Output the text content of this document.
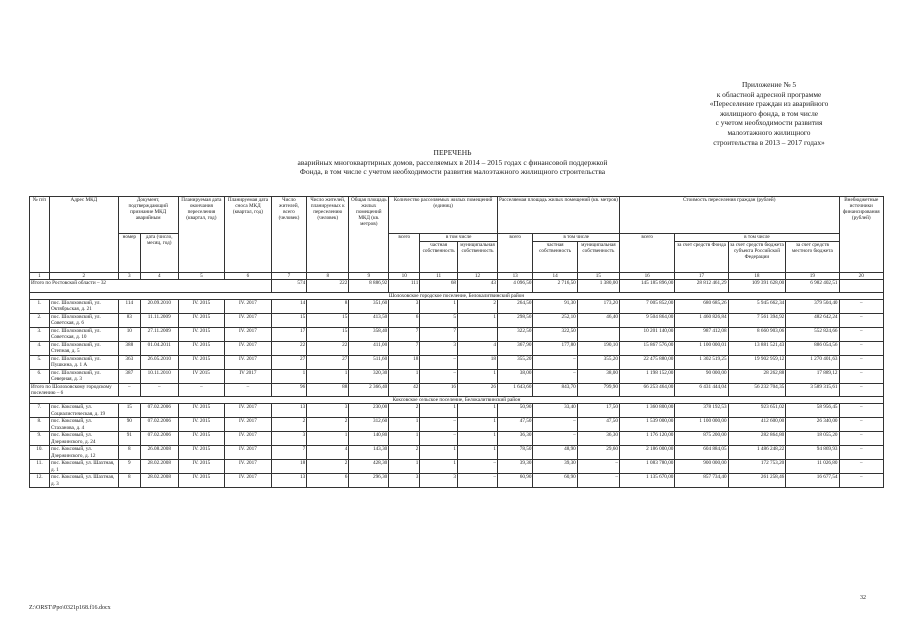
Приложение № 5
к областной адресной программе
«Переселение граждан из аварийного
жилищного фонда, в том числе
с учетом необходимости развития
малоэтажного жилищного
строительства в 2013 – 2017 годах»
ПЕРЕЧЕНЬ
аварийных многоквартирных домов, расселяемых в 2014 – 2015 годах с финансовой поддержкой
Фонда, в том числе с учетом необходимости развития малоэтажного жилищного строительства
№ п/п	Адрес МКД	Документ, подтверждающий признание МКД аварийным		Планируемая дата окончания переселения (квартал, год)	Планируемая дата сноса МКД (квартал, год)	Число жителей, всего (человек)	Число жителей, планируемых к переселению (человек)	Общая площадь жилых помещений МКД (кв. метров)	Количество расселяемых жилых помещений (единиц)			Расселяемая площадь жилых помещений (кв. метров)			Стоимость переселения граждан (рублей)				Внебюджетные источники финансирования (рублей)
		номер	дата (число, месяц, год)						всего	в том числе		всего	в том числе		всего	в том числе			
										частная собственность	муниципальная собственность		частная собственность	муниципальная собственность		за счет средств Фонда	за счет средств бюджета субъекта Российской Федерации	за счет средств местного бюджета	
1	2	3	4	5	6	7	8	9	10	11	12	13	14	15	16	17	18	19	20
Итого по Ростовской области – 32						574	222	8 886,92	111	68	43	4 096,50	2 716,50	1 380,00	145 185 896,00	28 812 461,29	109 391 628,00	6 982 402,51	
Шолоховское городское поселение, Белокалитвинский район																			
1.	пос. Шолоховский, ул. Октябрьская, д. 21	114	20.09.2010	IV. 2015	IV. 2017	14	8	351,60	3	1	2	264,50	91,30	173,20	7 005 852,00	680 685,26	5 945 662,34	379 504,40	–
2.	пос. Шолоховский, ул. Советская, д. 6	83	11.11.2009	IV. 2015	IV. 2017	15	15	413,50	6	5	1	298,50	252,10	46,40	9 504 864,00	1 460 826,84	7 561 394,92	482 642,24	–
3.	пос. Шолоховский, ул. Советская, д. 10	10	27.11.2009	IV. 2015	IV. 2017	17	15	358,40	7	7		322,50	322,50		10 201 140,00	987 412,08	8 660 903,06	552 824,66	–
4.	пос. Шолоховский, ул. Степная, д. 5	388	01.04.2011	IV. 2015	IV. 2017	22	22	411,00	7	3	4	367,90	177,80	190,10	15 867 576,00	1 100 000,01	13 881 521,43	886 054,56	–
5.	пос. Шолоховский, ул. Пушкина, д. 1 А	363	26.05.2010	IV. 2015	IV. 2017	27	27	511,60	18	–	18	355,20	–	355,20	22 475 880,00	1 302 519,25	19 902 959,12	1 270 401,63	–
6.	пос. Шолоховский, ул. Северная, д. 3	387	10.11.2010	IV 2015	IV 2017	1	1	320,30	1	–	1	38,00	–	38,00	1 198 152,00	90 000,00	28 262,88	17 889,12	–
Итого по Шолоховскому городскому поселению – 6		–	–	–	–	96	88	2 366,40	42	16	26	1 643,60	843,70	799,90	66 253 464,00	6 431 444,04	56 232 704,35	3 589 315,61	–
Коксовское сельское поселение, Белокалитвинский район																			
7.	пос. Коксовый, ул. Социалистическая, д. 19	15	07.02.2006	IV. 2015	IV. 2017	13	3	230,00	2	1	1	50,90	33,40	17,50	1 360 800,00	378 192,53	923 651,02	58 956,45	–
8.	пос. Коксовый, ул. Стаханова, д. 4	90	07.02.2006	IV. 2015	IV. 2017	2	2	312,60	1	–	1	47,50	–	47,50	1 539 000,00	1 100 000,00	412 600,00	26 340,00	–
9.	пос. Коксовый, ул. Дзержинского, д. 24	91	07.02.2006	IV. 2015	IV. 2017	3	1	140,80	1	–	1	36,30	–	36,30	1 176 120,00	875 200,00	282 864,80	18 055,20	–
10.	пос. Коксовый, ул. Дзержинского, д. 12	8	26.08.2008	IV. 2015	IV. 2017	7	4	143,30	2	1	1	78,50	48,90	29,60	2 186 000,00	604 884,05	1 486 248,22	94 869,93	–
11.	пос. Коксовый, ул. Шахтная, д. 1	9	28.02.2008	IV. 2015	IV. 2017	18	2	428,30	1	1	–	39,30	39,30	–	1 083 780,00	900 000,00	172 753,20	11 026,80	–
12.	пос. Коксовый, ул. Шахтная, д. 3	8	28.02.2008	IV. 2015	IV. 2017	13	6	296,30	3	3	–	60,90	60,90	–	1 135 670,00	857 734,40	261 258,46	16 677,54	–
Z:\ORST\Ppo\0321p168.f16.docx
32
